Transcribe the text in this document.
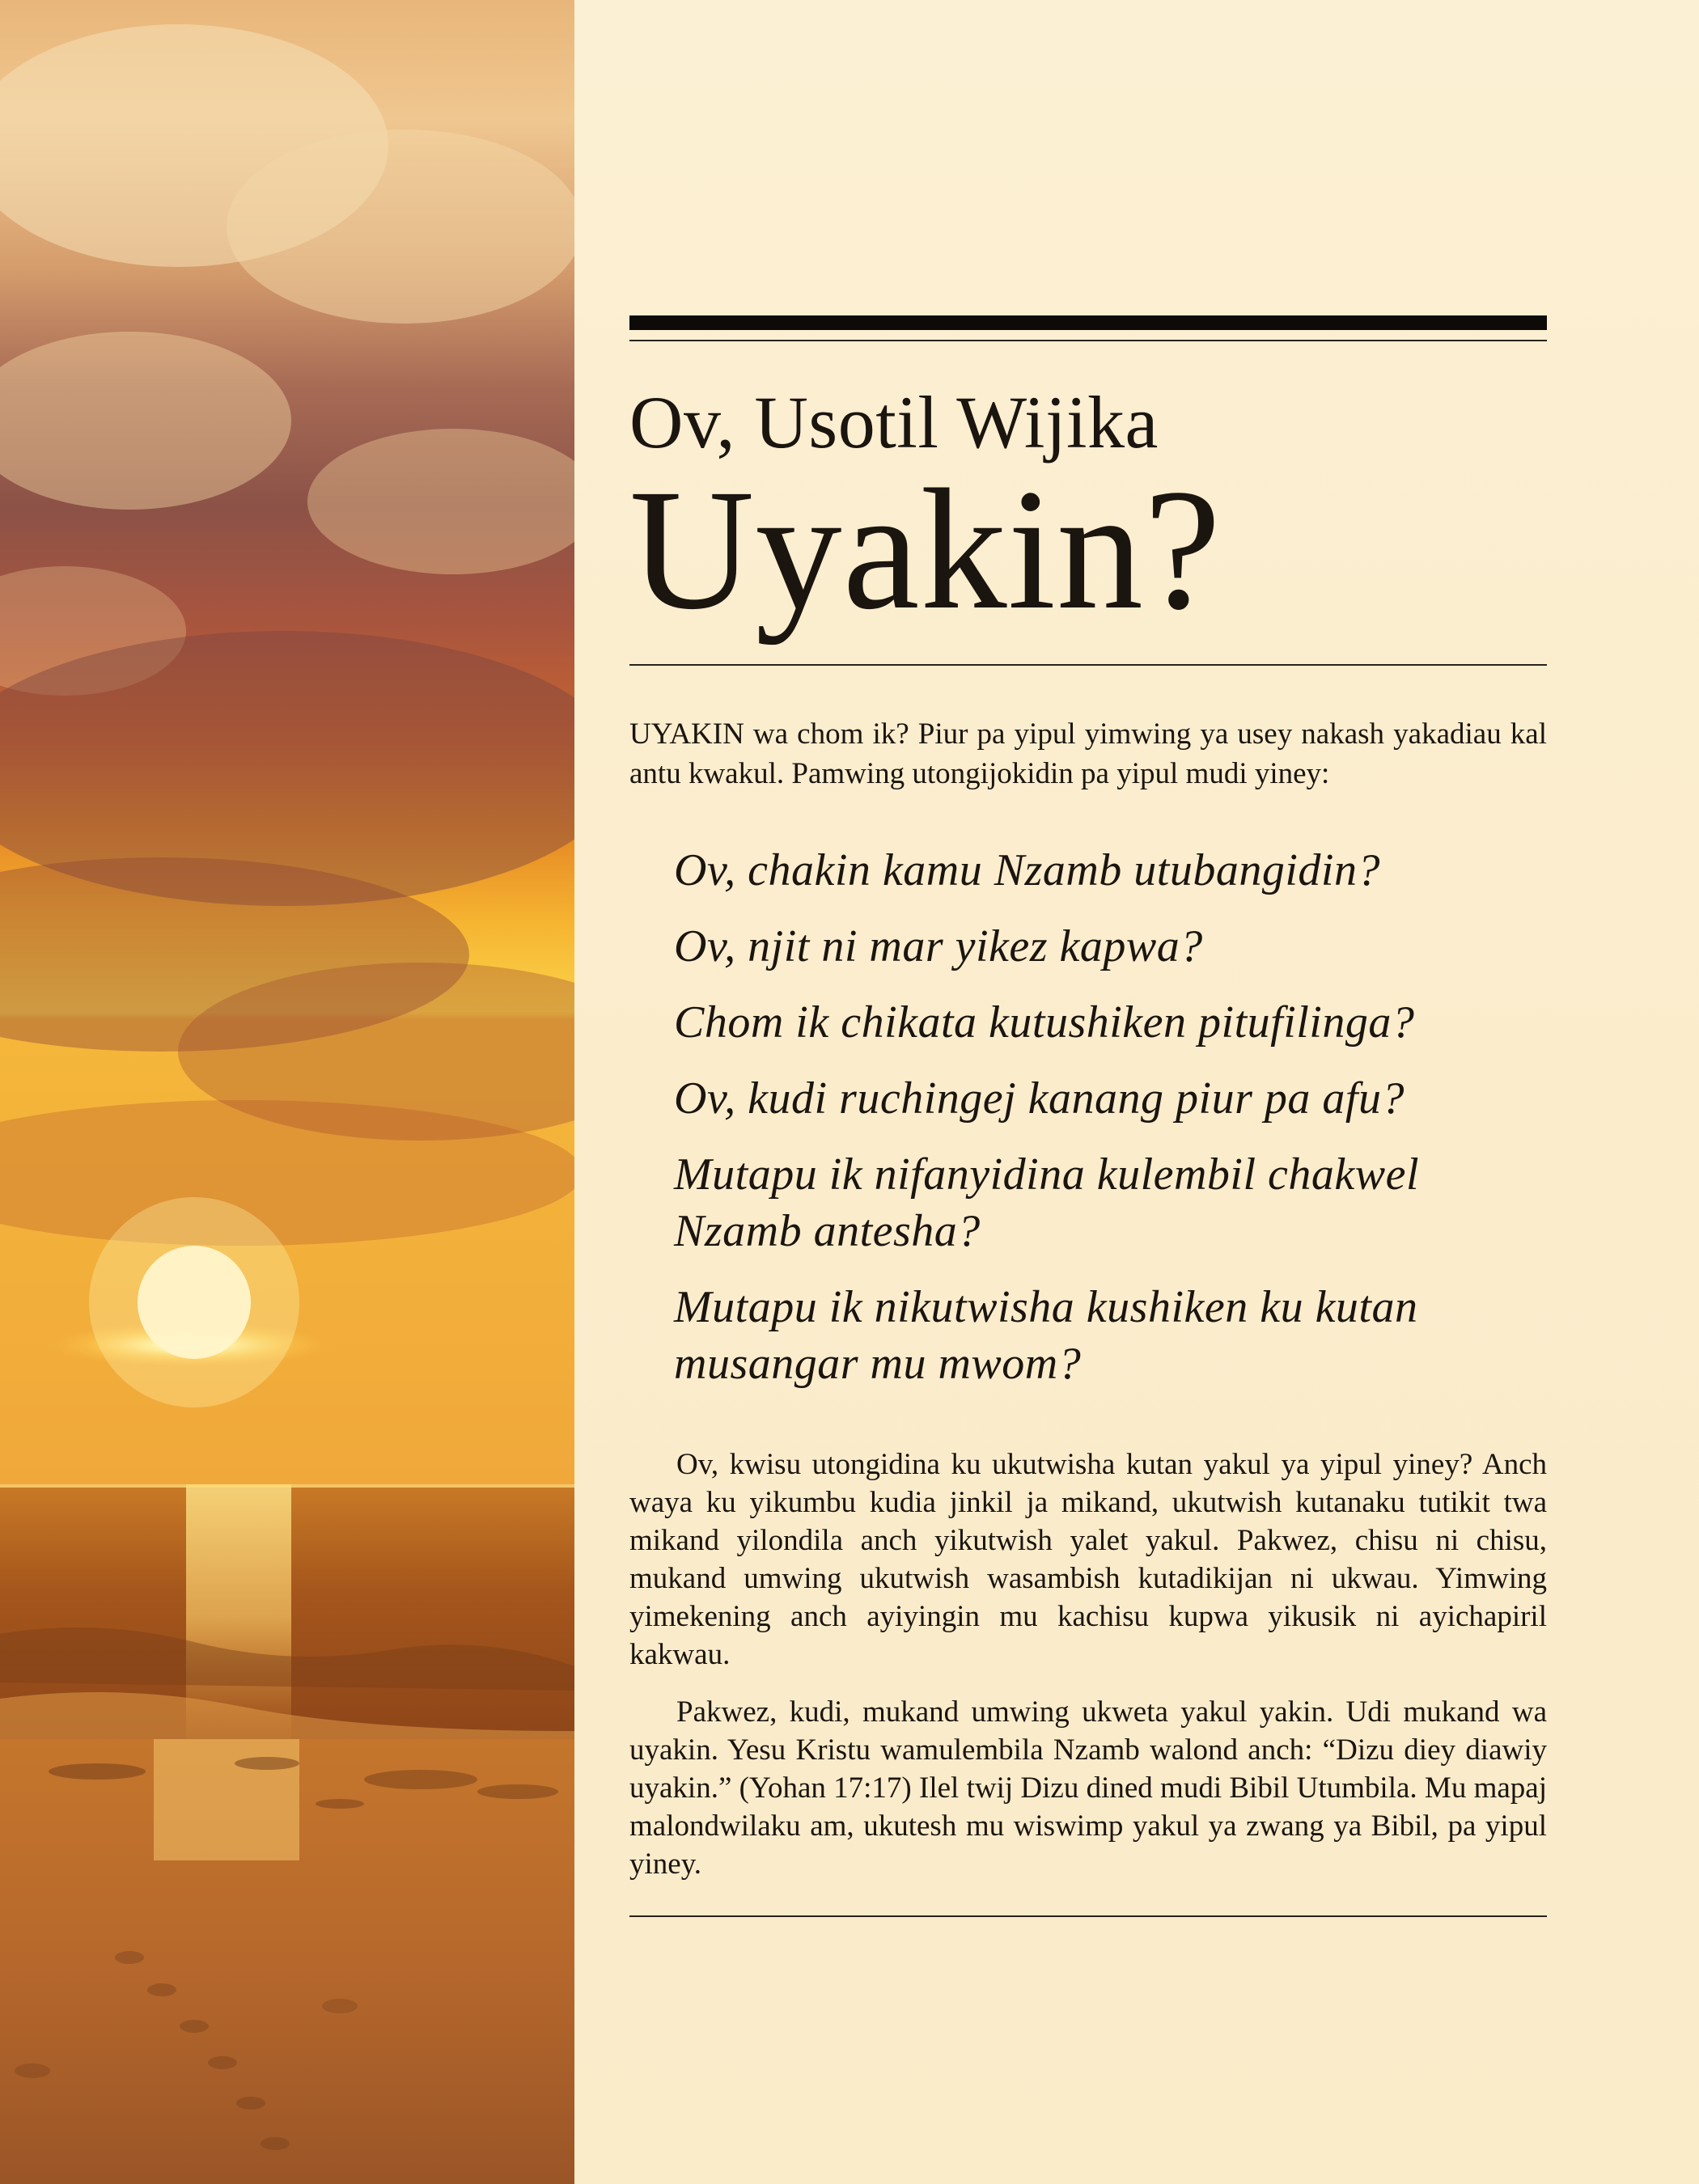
Ov, Usotil Wijika
Uyakin?

UYAKIN wa chom ik? Piur pa yipul yimwing ya usey nakash yakadiau kal antu kwakul. Pamwing utongijokidin pa yipul mudi yiney:

Ov, chakin kamu Nzamb utubangidin?
Ov, njit ni mar yikez kapwa?
Chom ik chikata kutushiken pitufilinga?
Ov, kudi ruchingej kanang piur pa afu?
Mutapu ik nifanyidina kulembil chakwel Nzamb antesha?
Mutapu ik nikutwisha kushiken ku kutan musangar mu mwom?

Ov, kwisu utongidina ku ukutwisha kutan yakul ya yipul yiney? Anch waya ku yikumbu kudia jinkil ja mikand, ukutwish kutanaku tutikit twa mikand yilondila anch yikutwish yalet yakul. Pakwez, chisu ni chisu, mukand umwing ukutwish wasambish kutadikijan ni ukwau. Yimwing yimekening anch ayiyingin mu kachisu kupwa yikusik ni ayichapiril kakwau.

Pakwez, kudi, mukand umwing ukweta yakul yakin. Udi mukand wa uyakin. Yesu Kristu wamulembila Nzamb walond anch: “Dizu diey diawiy uyakin.” (Yohan 17:17) Ilel twij Dizu dined mudi Bibil Utumbila. Mu mapaj malondwilaku am, ukutesh mu wiswimp yakul ya zwang ya Bibil, pa yipul yiney.
